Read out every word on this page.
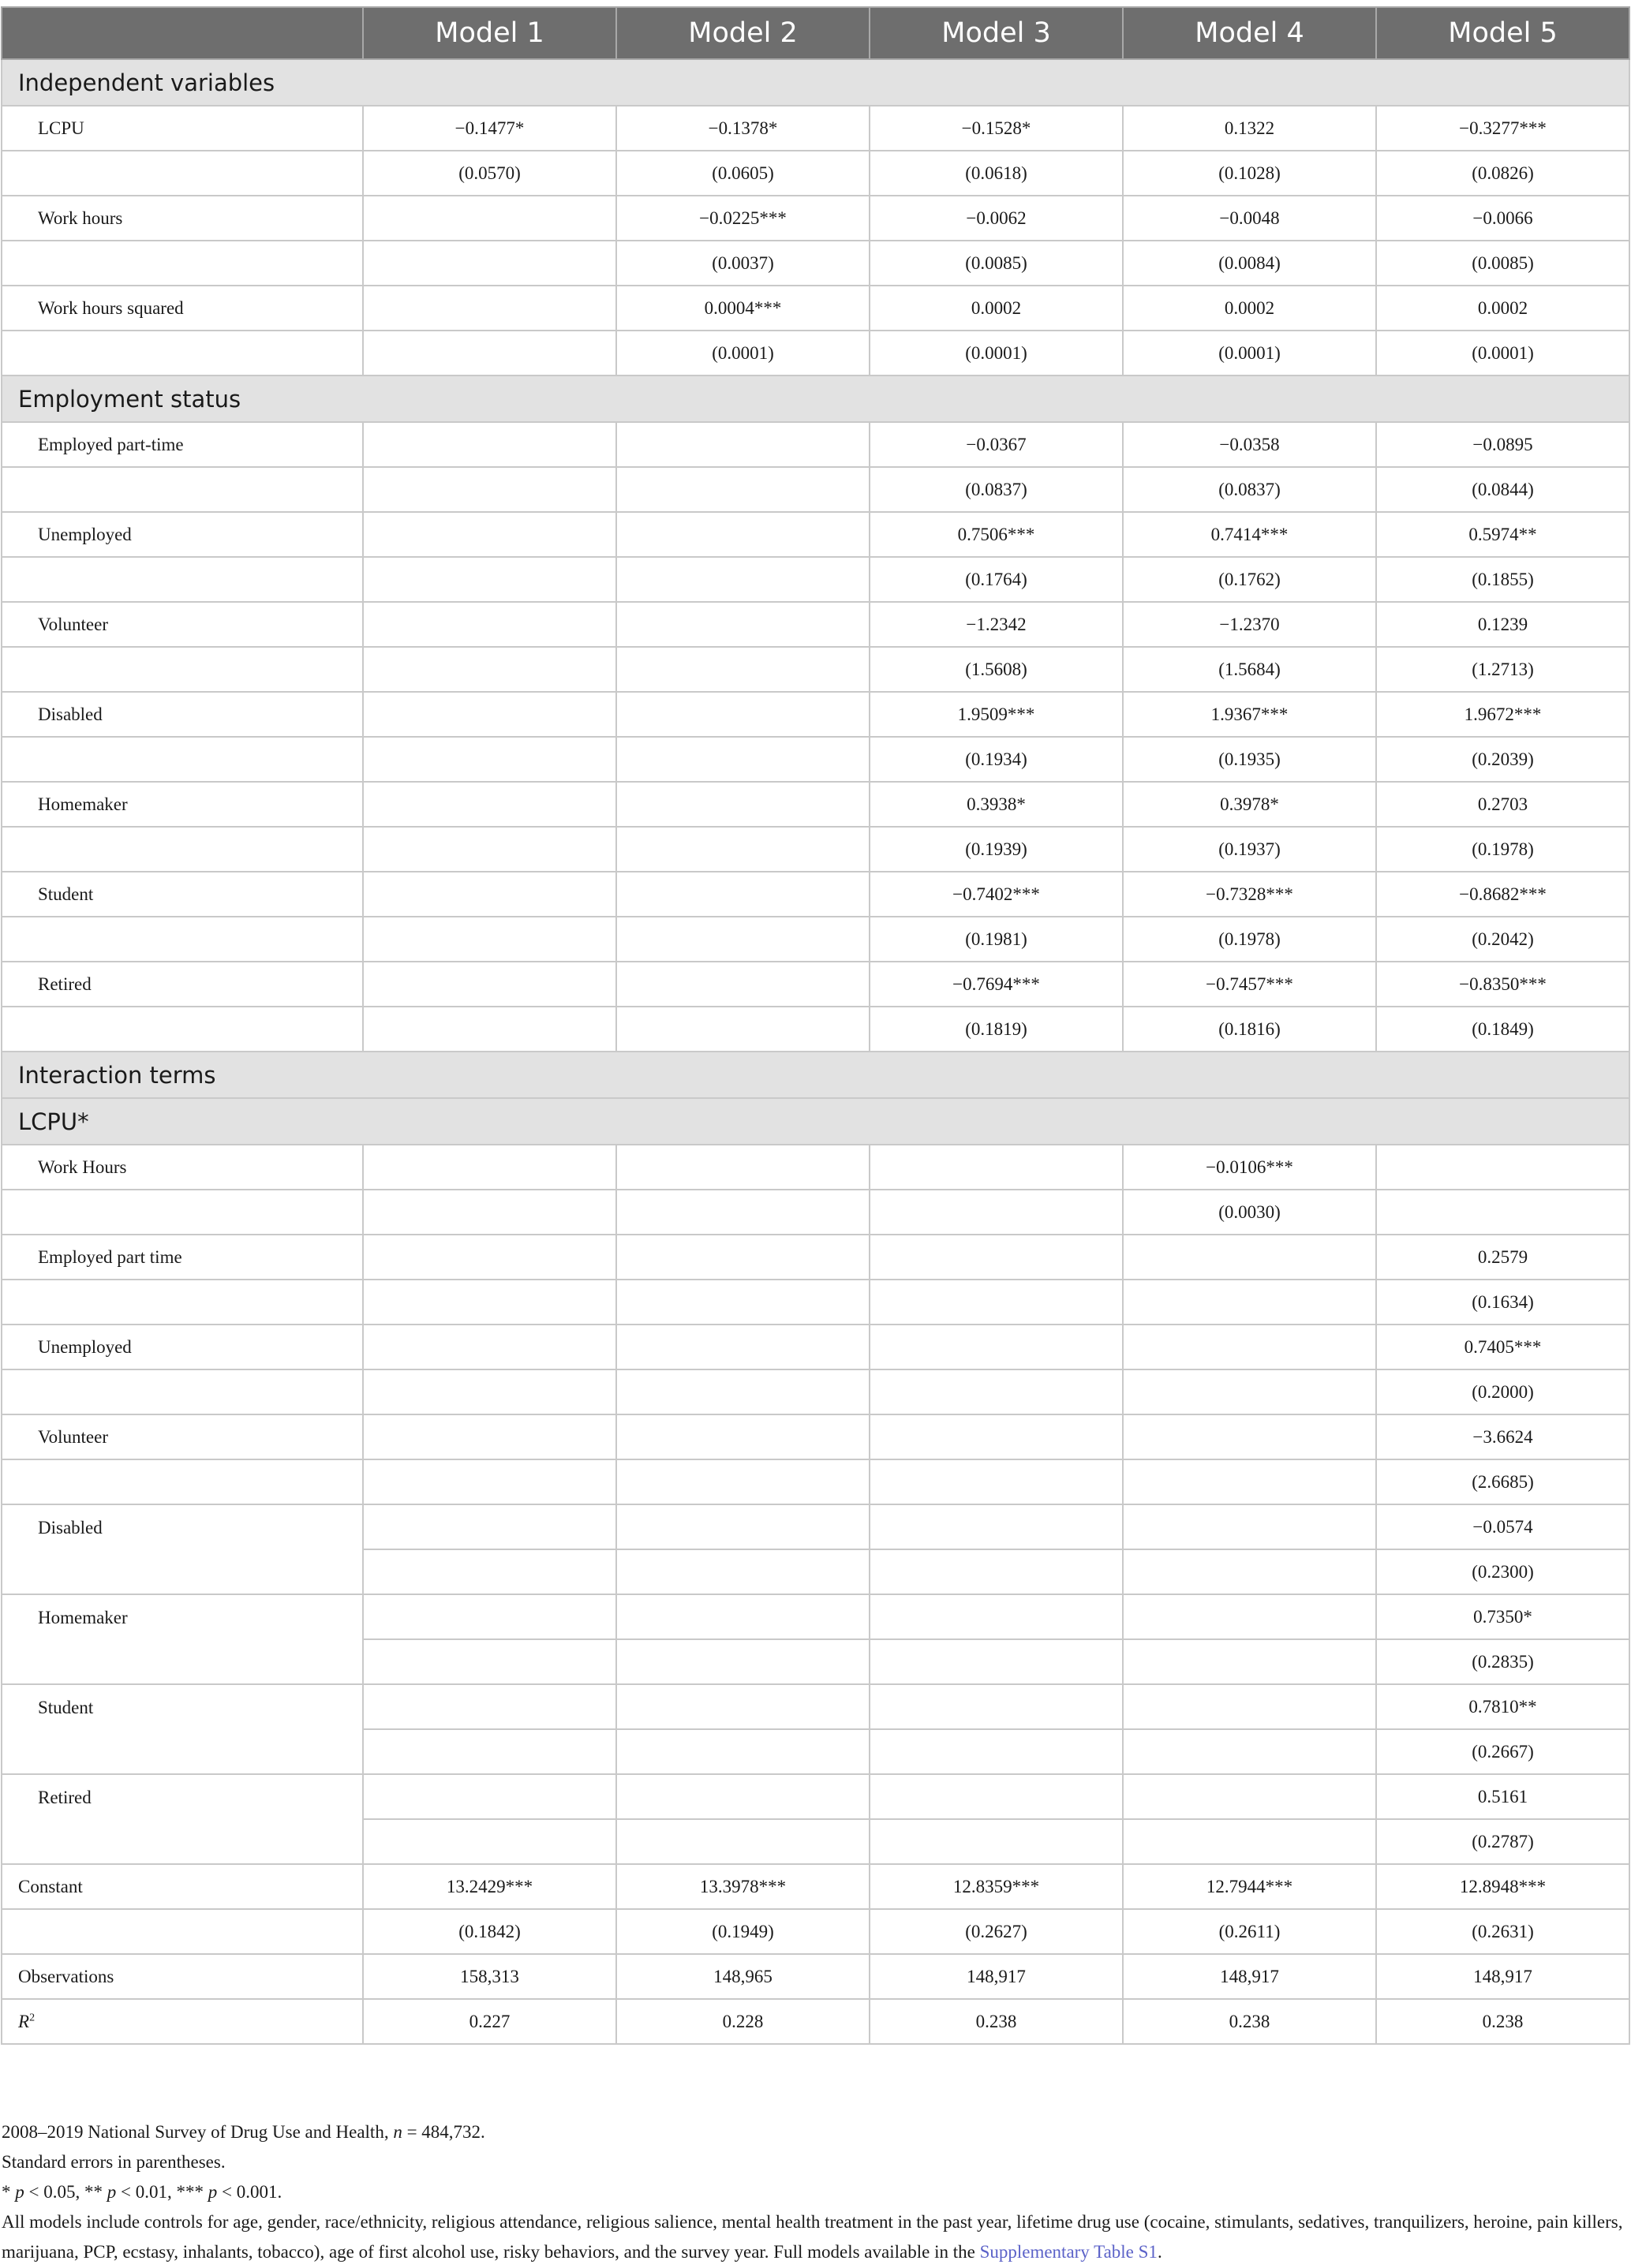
	Model 1	Model 2	Model 3	Model 4	Model 5
Independent variables					
LCPU	−0.1477*	−0.1378*	−0.1528*	0.1322	−0.3277***
	(0.0570)	(0.0605)	(0.0618)	(0.1028)	(0.0826)
Work hours		−0.0225***	−0.0062	−0.0048	−0.0066
		(0.0037)	(0.0085)	(0.0084)	(0.0085)
Work hours squared		0.0004***	0.0002	0.0002	0.0002
		(0.0001)	(0.0001)	(0.0001)	(0.0001)
Employment status					
Employed part-time			−0.0367	−0.0358	−0.0895
			(0.0837)	(0.0837)	(0.0844)
Unemployed			0.7506***	0.7414***	0.5974**
			(0.1764)	(0.1762)	(0.1855)
Volunteer			−1.2342	−1.2370	0.1239
			(1.5608)	(1.5684)	(1.2713)
Disabled			1.9509***	1.9367***	1.9672***
			(0.1934)	(0.1935)	(0.2039)
Homemaker			0.3938*	0.3978*	0.2703
			(0.1939)	(0.1937)	(0.1978)
Student			−0.7402***	−0.7328***	−0.8682***
			(0.1981)	(0.1978)	(0.2042)
Retired			−0.7694***	−0.7457***	−0.8350***
			(0.1819)	(0.1816)	(0.1849)
Interaction terms					
LCPU*					
Work Hours				−0.0106***	
				(0.0030)	
Employed part time					0.2579
					(0.1634)
Unemployed					0.7405***
					(0.2000)
Volunteer					−3.6624
					(2.6685)
Disabled					−0.0574
					(0.2300)
Homemaker					0.7350*
					(0.2835)
Student					0.7810**
					(0.2667)
Retired					0.5161
					(0.2787)
Constant	13.2429***	13.3978***	12.8359***	12.7944***	12.8948***
	(0.1842)	(0.1949)	(0.2627)	(0.2611)	(0.2631)
Observations	158,313	148,965	148,917	148,917	148,917
$R^2$	0.227	0.228	0.238	0.238	0.238

2008–2019 National Survey of Drug Use and Health, n = 484,732.

Standard errors in parentheses.

* p < 0.05, ** p < 0.01, *** p < 0.001.

All models include controls for age, gender, race/ethnicity, religious attendance, religious salience, mental health treatment in the past year, lifetime drug use (cocaine, stimulants, sedatives, tranquilizers, heroine, pain killers, marijuana, PCP, ecstasy, inhalants, tobacco), age of first alcohol use, risky behaviors, and the survey year. Full models available in the Supplementary Table S1.
